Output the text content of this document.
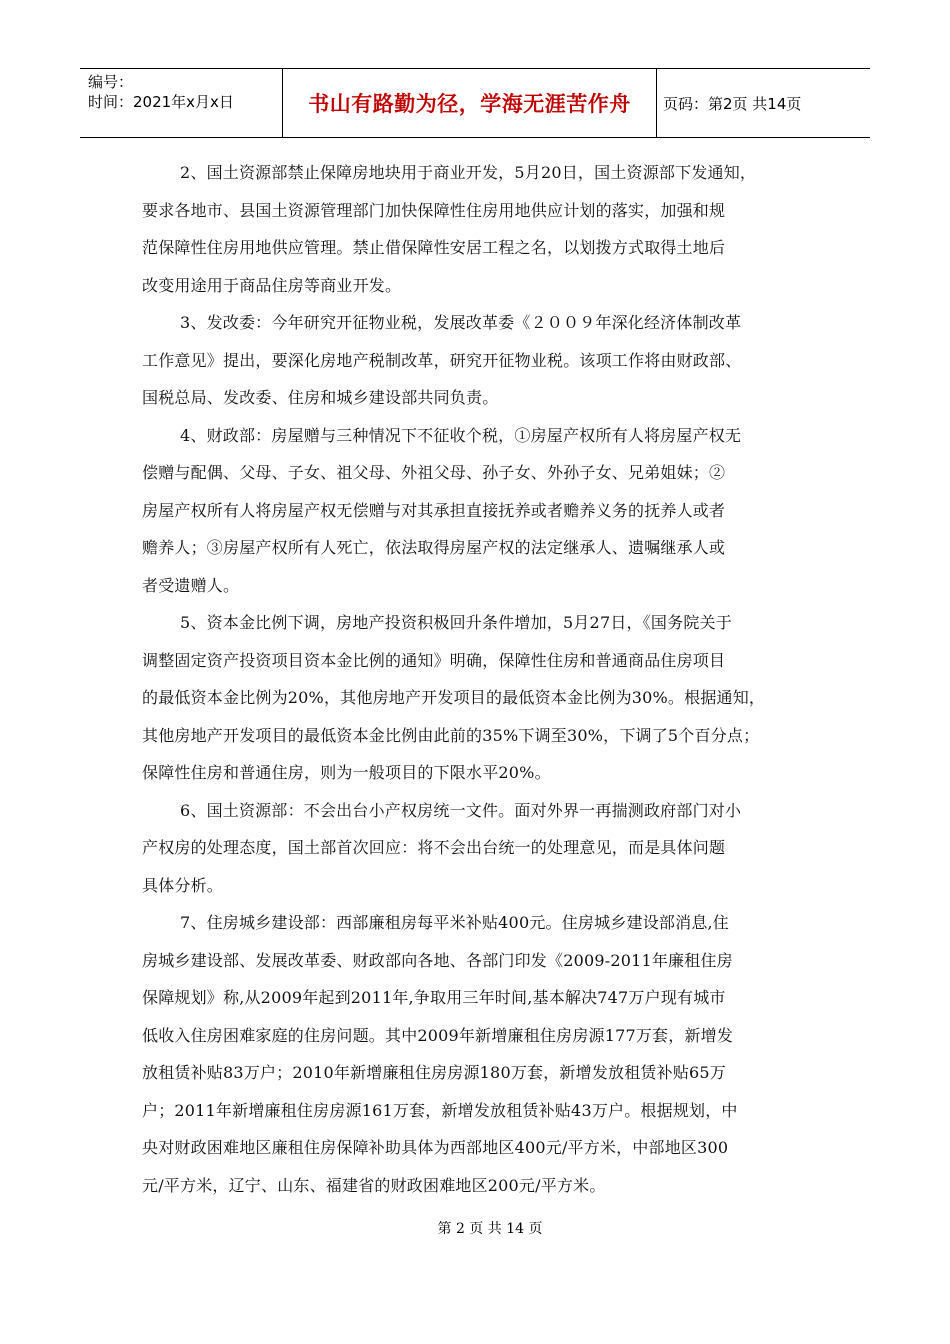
编号：
时间：2021年x月x日	书山有路勤为径，学海无涯苦作舟	页码：第2页 共14页
2、国土资源部禁止保障房地块用于商业开发，5月20日，国土资源部下发通知，
要求各地市、县国土资源管理部门加快保障性住房用地供应计划的落实，加强和规
范保障性住房用地供应管理。禁止借保障性安居工程之名，以划拨方式取得土地后
改变用途用于商品住房等商业开发。
3、发改委：今年研究开征物业税，发展改革委《２００９年深化经济体制改革
工作意见》提出，要深化房地产税制改革，研究开征物业税。该项工作将由财政部、
国税总局、发改委、住房和城乡建设部共同负责。
4、财政部：房屋赠与三种情况下不征收个税，①房屋产权所有人将房屋产权无
偿赠与配偶、父母、子女、祖父母、外祖父母、孙子女、外孙子女、兄弟姐妹；②
房屋产权所有人将房屋产权无偿赠与对其承担直接抚养或者赡养义务的抚养人或者
赡养人；③房屋产权所有人死亡，依法取得房屋产权的法定继承人、遗嘱继承人或
者受遗赠人。
5、资本金比例下调，房地产投资积极回升条件增加，5月27日，《国务院关于
调整固定资产投资项目资本金比例的通知》明确，保障性住房和普通商品住房项目
的最低资本金比例为20%，其他房地产开发项目的最低资本金比例为30%。根据通知，
其他房地产开发项目的最低资本金比例由此前的35%下调至30%，下调了5个百分点；
保障性住房和普通住房，则为一般项目的下限水平20%。
6、国土资源部：不会出台小产权房统一文件。面对外界一再揣测政府部门对小
产权房的处理态度，国土部首次回应：将不会出台统一的处理意见，而是具体问题
具体分析。
7、住房城乡建设部：西部廉租房每平米补贴400元。住房城乡建设部消息,住
房城乡建设部、发展改革委、财政部向各地、各部门印发《2009-2011年廉租住房
保障规划》称,从2009年起到2011年,争取用三年时间,基本解决747万户现有城市
低收入住房困难家庭的住房问题。其中2009年新增廉租住房房源177万套，新增发
放租赁补贴83万户；2010年新增廉租住房房源180万套，新增发放租赁补贴65万
户；2011年新增廉租住房房源161万套，新增发放租赁补贴43万户。根据规划，中
央对财政困难地区廉租住房保障补助具体为西部地区400元/平方米，中部地区300
元/平方米，辽宁、山东、福建省的财政困难地区200元/平方米。
第 2 页 共 14 页
